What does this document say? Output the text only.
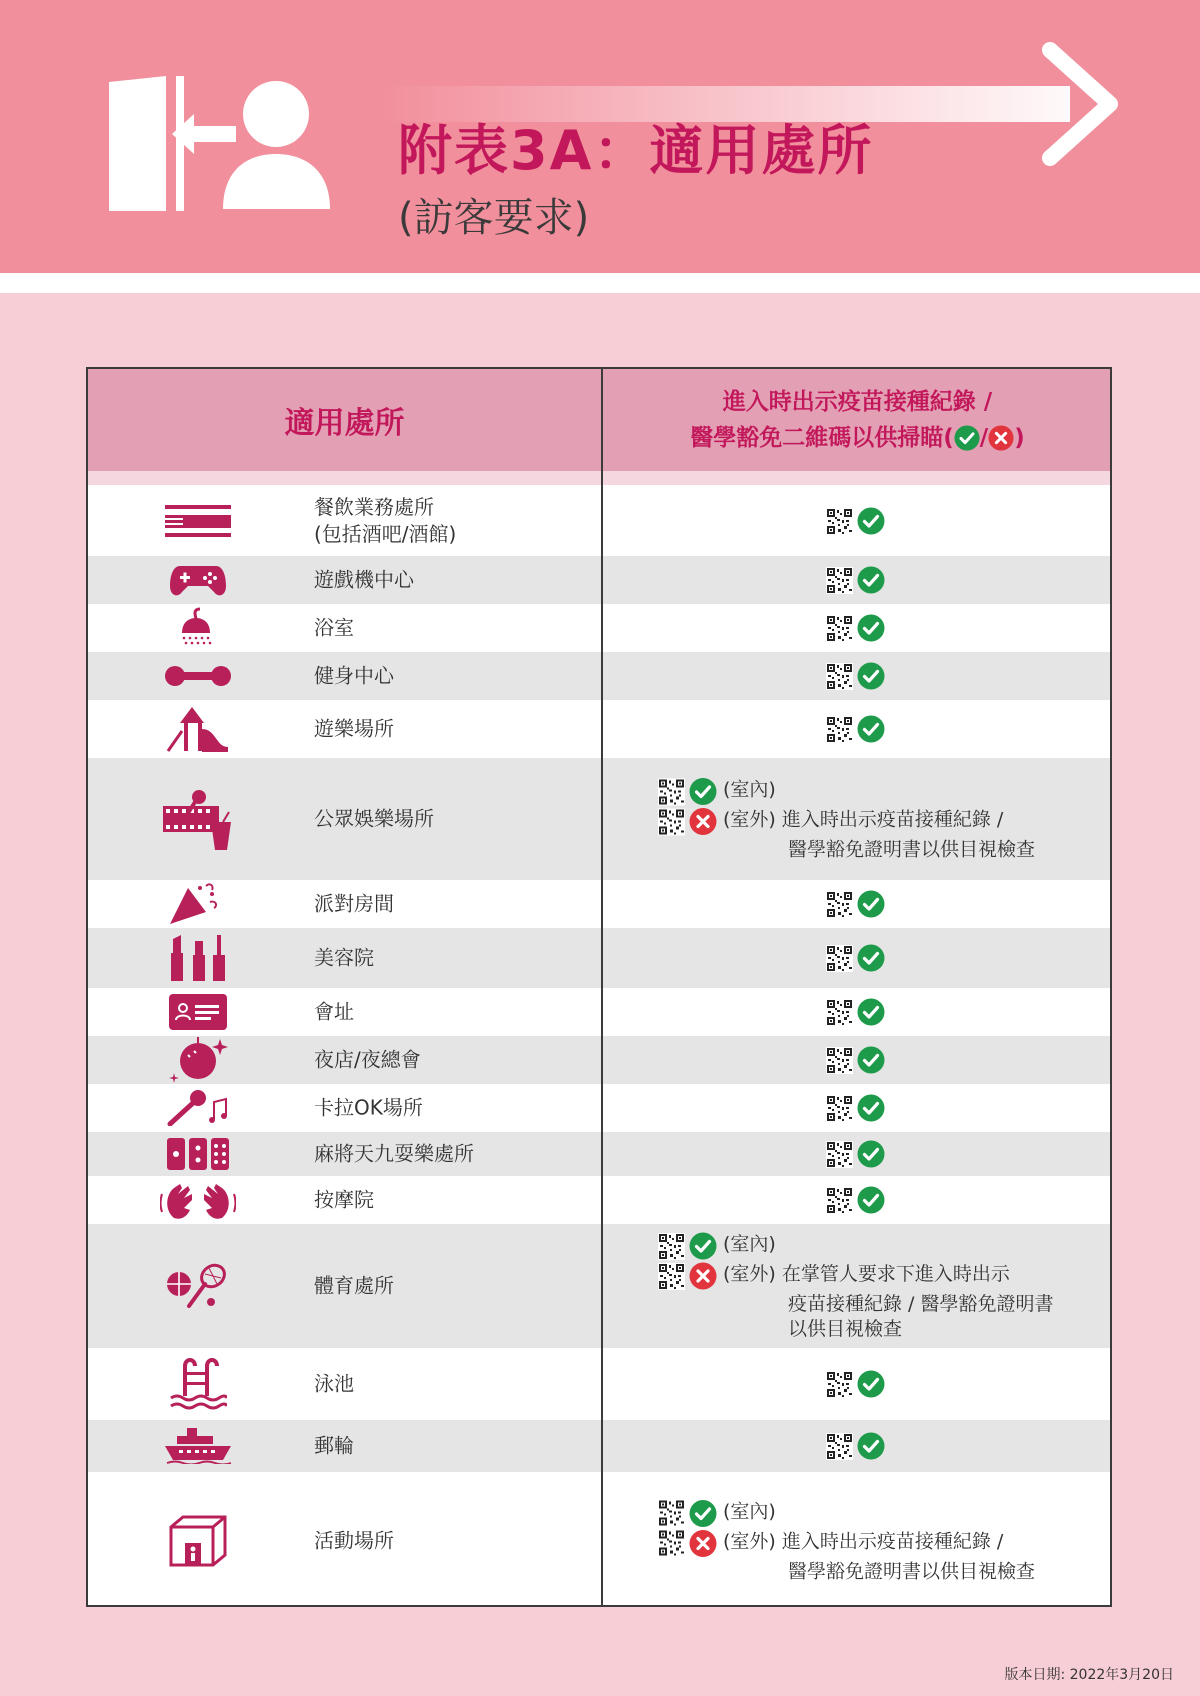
附表3A：適用處所

(訪客要求)

適用處所
進入時出示疫苗接種紀錄 /
醫學豁免二維碼以供掃瞄( / )
餐飲業務處所
(包括酒吧/酒館)
遊戲機中心
浴室
健身中心
遊樂場所
公眾娛樂場所
(室內)
(室外) 進入時出示疫苗接種紀錄 /
醫學豁免證明書以供目視檢查
派對房間
美容院
會址
夜店/夜總會
卡拉OK場所
麻將天九耍樂處所
按摩院
體育處所
(室內)
(室外) 在掌管人要求下進入時出示
疫苗接種紀錄 / 醫學豁免證明書
以供目視檢查
泳池
郵輪
活動場所
(室內)
(室外) 進入時出示疫苗接種紀錄 /
醫學豁免證明書以供目視檢查
版本日期: 2022年3月20日
